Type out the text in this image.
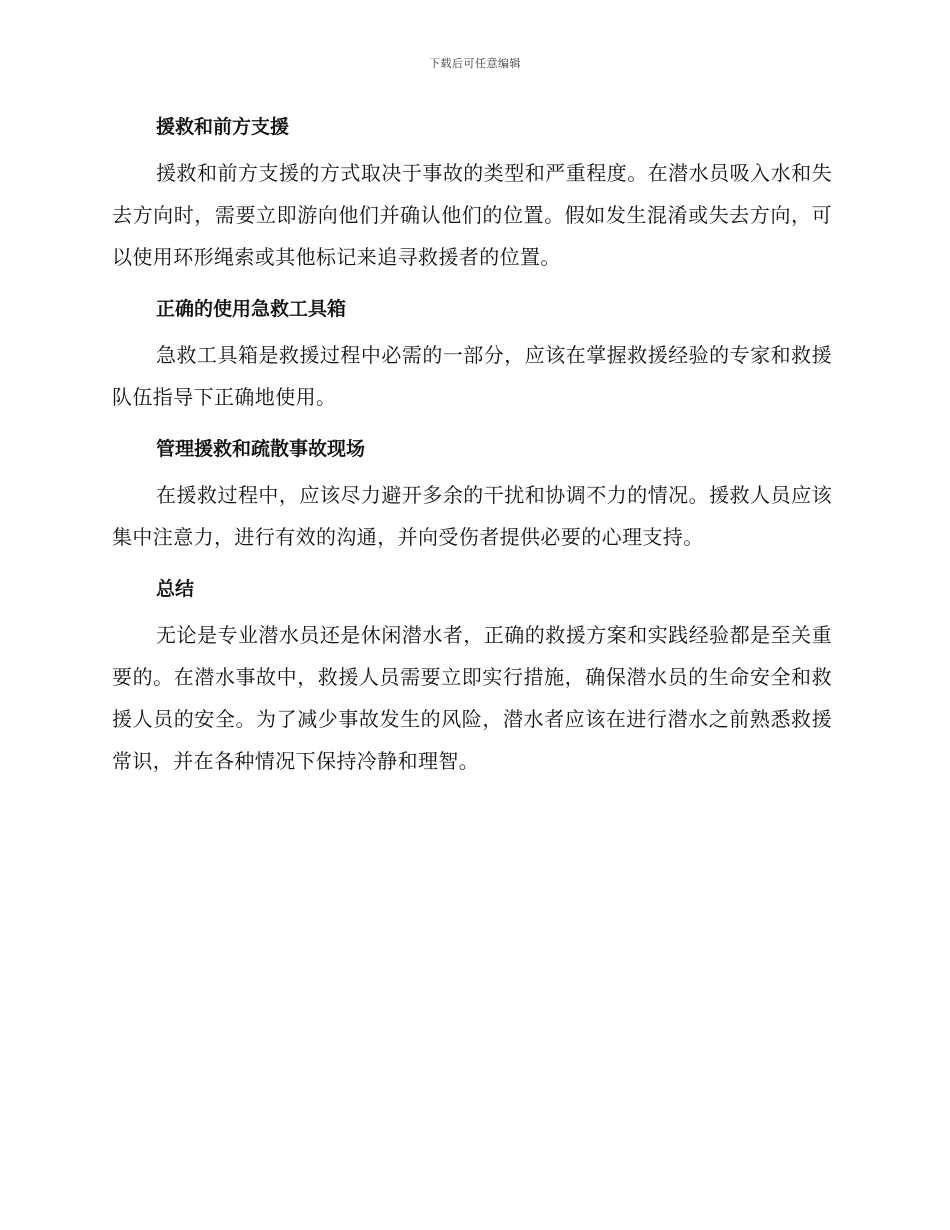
下载后可任意编辑
援救和前方支援

援救和前方支援的方式取决于事故的类型和严重程度。在潜水员吸入水和失去方向时，需要立即游向他们并确认他们的位置。假如发生混淆或失去方向，可以使用环形绳索或其他标记来追寻救援者的位置。

正确的使用急救工具箱

急救工具箱是救援过程中必需的一部分，应该在掌握救援经验的专家和救援队伍指导下正确地使用。

管理援救和疏散事故现场

在援救过程中，应该尽力避开多余的干扰和协调不力的情况。援救人员应该集中注意力，进行有效的沟通，并向受伤者提供必要的心理支持。

总结

无论是专业潜水员还是休闲潜水者，正确的救援方案和实践经验都是至关重要的。在潜水事故中，救援人员需要立即实行措施，确保潜水员的生命安全和救援人员的安全。为了减少事故发生的风险，潜水者应该在进行潜水之前熟悉救援常识，并在各种情况下保持冷静和理智。
